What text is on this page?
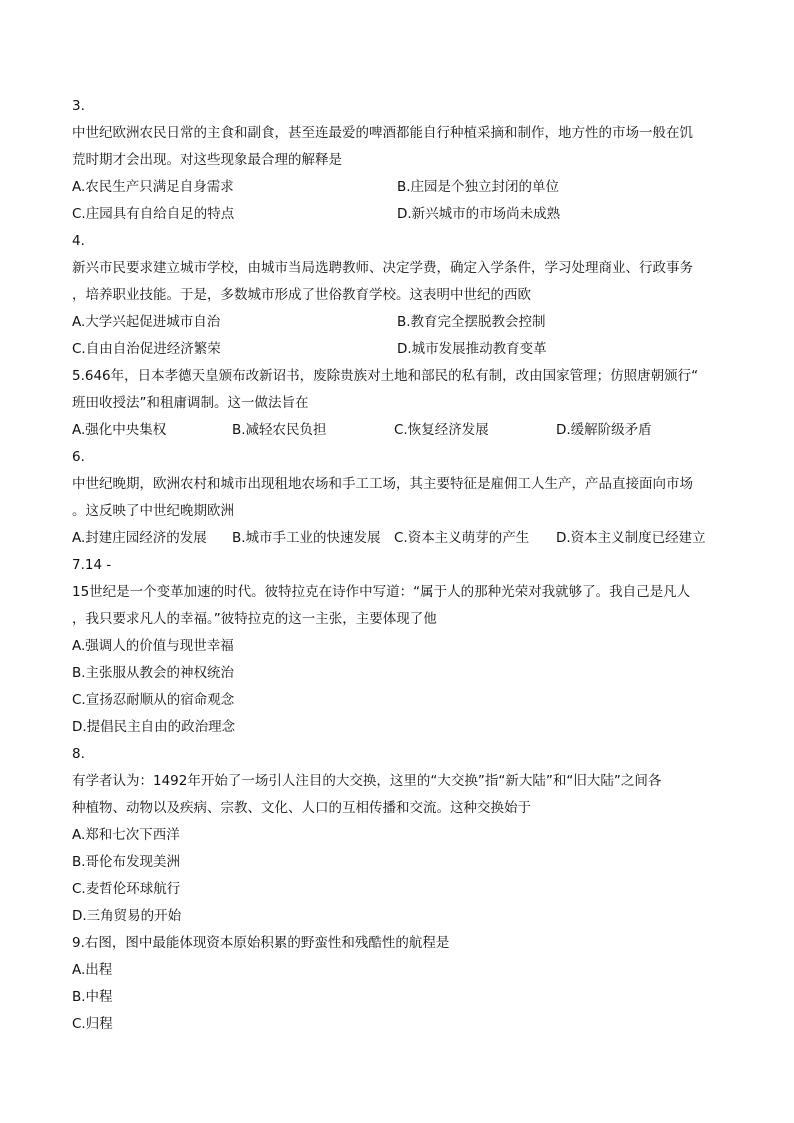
3.
中世纪欧洲农民日常的主食和副食，甚至连最爱的啤酒都能自行种植采摘和制作，地方性的市场一般在饥
荒时期才会出现。对这些现象最合理的解释是
A.农民生产只满足自身需求	B.庄园是个独立封闭的单位
C.庄园具有自给自足的特点	D.新兴城市的市场尚未成熟
4.
新兴市民要求建立城市学校，由城市当局选聘教师、决定学费，确定入学条件，学习处理商业、行政事务
，培养职业技能。于是，多数城市形成了世俗教育学校。这表明中世纪的西欧
A.大学兴起促进城市自治	B.教育完全摆脱教会控制
C.自由自治促进经济繁荣	D.城市发展推动教育变革
5.646年，日本孝德天皇颁布改新诏书，废除贵族对土地和部民的私有制，改由国家管理；仿照唐朝颁行“
班田收授法”和租庸调制。这一做法旨在
A.强化中央集权	B.减轻农民负担	C.恢复经济发展	D.缓解阶级矛盾
6.
中世纪晚期，欧洲农村和城市出现租地农场和手工工场，其主要特征是雇佣工人生产，产品直接面向市场
。这反映了中世纪晚期欧洲
A.封建庄园经济的发展	B.城市手工业的快速发展 C.资本主义萌芽的产生	D.资本主义制度已经建立
7.14 -
15世纪是一个变革加速的时代。彼特拉克在诗作中写道：“属于人的那种光荣对我就够了。我自己是凡人
，我只要求凡人的幸福。”彼特拉克的这一主张，主要体现了他
A.强调人的价值与现世幸福
B.主张服从教会的神权统治
C.宣扬忍耐顺从的宿命观念
D.提倡民主自由的政治理念
8.
有学者认为：1492年开始了一场引人注目的大交换，这里的“大交换”指“新大陆”和“旧大陆”之间各
种植物、动物以及疾病、宗教、文化、人口的互相传播和交流。这种交换始于
A.郑和七次下西洋
B.哥伦布发现美洲
C.麦哲伦环球航行
D.三角贸易的开始
9.右图，图中最能体现资本原始积累的野蛮性和残酷性的航程是
A.出程
B.中程
C.归程
